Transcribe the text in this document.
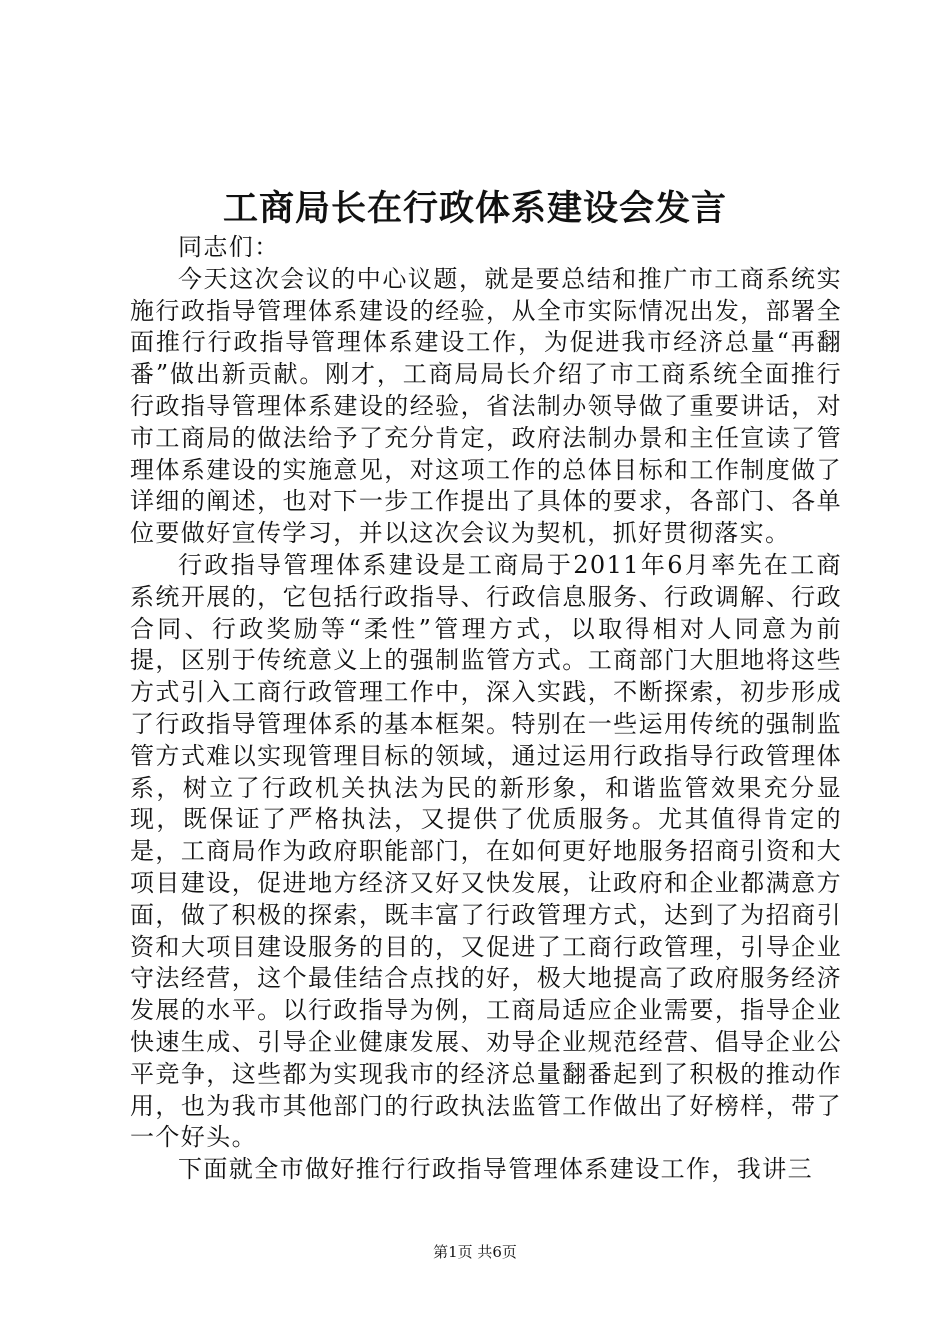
工商局长在行政体系建设会发言

同志们：

今天这次会议的中心议题，就是要总结和推广市工商系统实施行政指导管理体系建设的经验，从全市实际情况出发，部署全面推行行政指导管理体系建设工作，为促进我市经济总量“再翻番”做出新贡献。刚才，工商局局长介绍了市工商系统全面推行行政指导管理体系建设的经验，省法制办领导做了重要讲话，对市工商局的做法给予了充分肯定，政府法制办景和主任宣读了管理体系建设的实施意见，对这项工作的总体目标和工作制度做了详细的阐述，也对下一步工作提出了具体的要求，各部门、各单位要做好宣传学习，并以这次会议为契机，抓好贯彻落实。

行政指导管理体系建设是工商局于2011年6月率先在工商系统开展的，它包括行政指导、行政信息服务、行政调解、行政合同、行政奖励等“柔性”管理方式，以取得相对人同意为前提，区别于传统意义上的强制监管方式。工商部门大胆地将这些方式引入工商行政管理工作中，深入实践，不断探索，初步形成了行政指导管理体系的基本框架。特别在一些运用传统的强制监管方式难以实现管理目标的领域，通过运用行政指导行政管理体系，树立了行政机关执法为民的新形象，和谐监管效果充分显现，既保证了严格执法，又提供了优质服务。尤其值得肯定的是，工商局作为政府职能部门，在如何更好地服务招商引资和大项目建设，促进地方经济又好又快发展，让政府和企业都满意方面，做了积极的探索，既丰富了行政管理方式，达到了为招商引资和大项目建设服务的目的，又促进了工商行政管理，引导企业守法经营，这个最佳结合点找的好，极大地提高了政府服务经济发展的水平。以行政指导为例，工商局适应企业需要，指导企业快速生成、引导企业健康发展、劝导企业规范经营、倡导企业公平竞争，这些都为实现我市的经济总量翻番起到了积极的推动作用，也为我市其他部门的行政执法监管工作做出了好榜样，带了一个好头。

下面就全市做好推行行政指导管理体系建设工作，我讲三

第1页 共6页
